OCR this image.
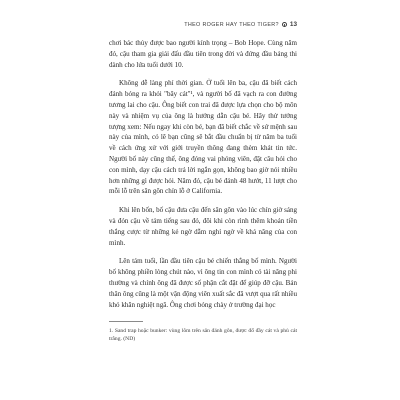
THEO ROGER HAY THEO TIGER? 13

chơi bác thủy được bao người kính trọng – Bob Hope. Cùng năm đó, cậu tham gia giải đấu đầu tiên trong đời và đứng đầu bảng thi dành cho lứa tuổi dưới 10.

Không dễ làng phí thời gian. Ở tuổi lên ba, cậu đã biết cách đánh bóng ra khỏi "bãy cát"¹, và người bố đã vạch ra con đường tương lai cho cậu. Ông biết con trai đã được lựa chọn cho bộ môn này và nhiệm vụ của ông là hướng dẫn cậu bé. Hãy thử tưởng tượng xem: Nếu ngay khi còn bé, bạn đã biết chắc về sứ mệnh sau này của mình, có lẽ bạn cũng sẽ bắt đầu chuẩn bị từ năm ba tuổi về cách ứng xử với giới truyền thông đang thèm khát tin tức. Người bố này cũng thế, ông đóng vai phóng viên, đặt câu hỏi cho con mình, dạy cậu cách trả lời ngắn gọn, không bao giờ nói nhiều hơn những gì được hỏi. Năm đó, cậu bé đánh 48 hướt, 11 lượt cho mỗi lỗ trên sân gôn chín lỗ ở California.

Khi lên bốn, bố cậu đưa cậu đến sân gôn vào lúc chín giờ sáng và đón cậu về tám tiếng sau đó, đôi khi còn rình thêm khoản tiền thắng cược từ những kẻ ngờ dẫm nghỉ ngờ về khả năng của con mình.

Lên tám tuổi, lần đầu tiên cậu bé chiến thắng bố mình. Người bố không phiền lòng chút nào, vì ông tin con mình có tài năng phi thường và chính ông đã được số phận cắt đặt để giúp đỡ cậu. Bản thân ông cũng là một vận động viên xuất sắc đã vượt qua rất nhiều khó khăn nghiệt ngã. Ông chơi bóng chày ở trường đại học

1. Sand trap hoặc bunker: vùng lõm trên sân đánh gôn, được đổ đầy cát và phủ cát trắng. (ND)
